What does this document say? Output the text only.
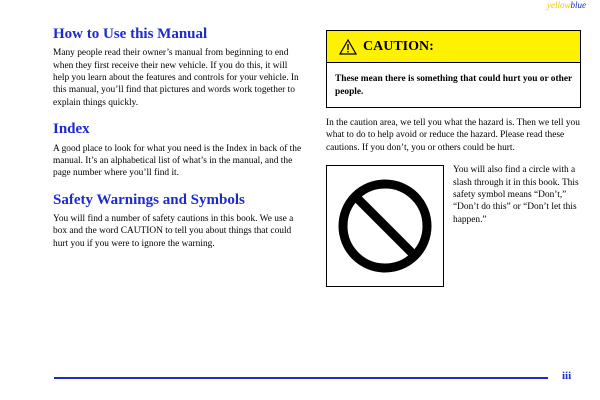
yellowblue
How to Use this Manual

Many people read their owner’s manual from beginning to end when they first receive their new vehicle. If you do this, it will help you learn about the features and controls for your vehicle. In this manual, you’ll find that pictures and words work together to explain things quickly.

Index

A good place to look for what you need is the Index in back of the manual. It’s an alphabetical list of what’s in the manual, and the page number where you’ll find it.

Safety Warnings and Symbols

You will find a number of safety cautions in this book. We use a box and the word CAUTION to tell you about things that could hurt you if you were to ignore the warning.

CAUTION:
These mean there is something that could hurt you or other people.

In the caution area, we tell you what the hazard is. Then we tell you what to do to help avoid or reduce the hazard. Please read these cautions. If you don’t, you or others could be hurt.

You will also find a circle with a slash through it in this book. This safety symbol means “Don’t,” “Don’t do this” or “Don’t let this happen.”

iii
